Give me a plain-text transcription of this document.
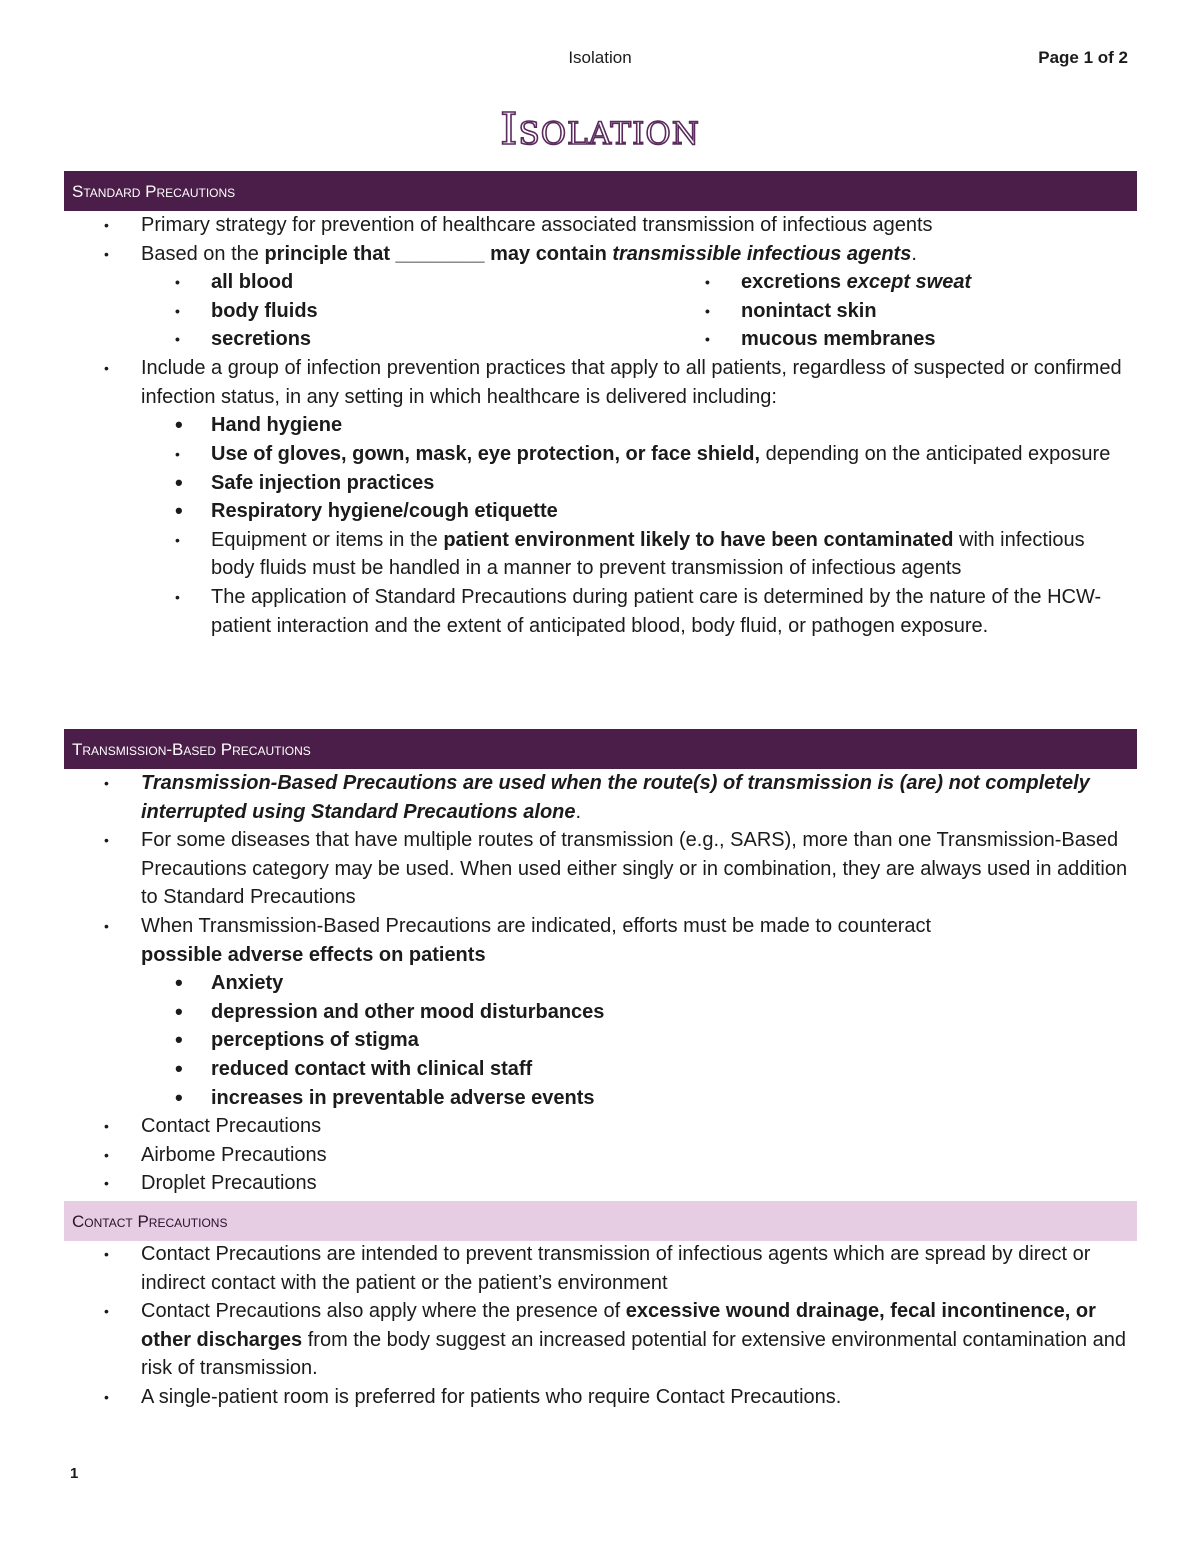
Isolation	Page 1 of 2
Isolation
Standard Precautions
• Primary strategy for prevention of healthcare associated transmission of infectious agents
• Based on the principle that ________ may contain transmissible infectious agents.
• all blood
• body fluids
• secretions
• excretions except sweat
• nonintact skin
• mucous membranes
• Include a group of infection prevention practices that apply to all patients, regardless of suspected or confirmed infection status, in any setting in which healthcare is delivered including:
• Hand hygiene
• Use of gloves, gown, mask, eye protection, or face shield, depending on the anticipated exposure
• Safe injection practices
• Respiratory hygiene/cough etiquette
• Equipment or items in the patient environment likely to have been contaminated with infectious body fluids must be handled in a manner to prevent transmission of infectious agents
• The application of Standard Precautions during patient care is determined by the nature of the HCW-patient interaction and the extent of anticipated blood, body fluid, or pathogen exposure.
Transmission-Based Precautions
• Transmission-Based Precautions are used when the route(s) of transmission is (are) not completely interrupted using Standard Precautions alone.
• For some diseases that have multiple routes of transmission (e.g., SARS), more than one Transmission-Based Precautions category may be used. When used either singly or in combination, they are always used in addition to Standard Precautions
• When Transmission-Based Precautions are indicated, efforts must be made to counteract
possible adverse effects on patients
• Anxiety
• depression and other mood disturbances
• perceptions of stigma
• reduced contact with clinical staff
• increases in preventable adverse events
• Contact Precautions
• Airbome Precautions
• Droplet Precautions
Contact Precautions
• Contact Precautions are intended to prevent transmission of infectious agents which are spread by direct or indirect contact with the patient or the patient’s environment
• Contact Precautions also apply where the presence of excessive wound drainage, fecal incontinence, or other discharges from the body suggest an increased potential for extensive environmental contamination and risk of transmission.
• A single-patient room is preferred for patients who require Contact Precautions.
1
